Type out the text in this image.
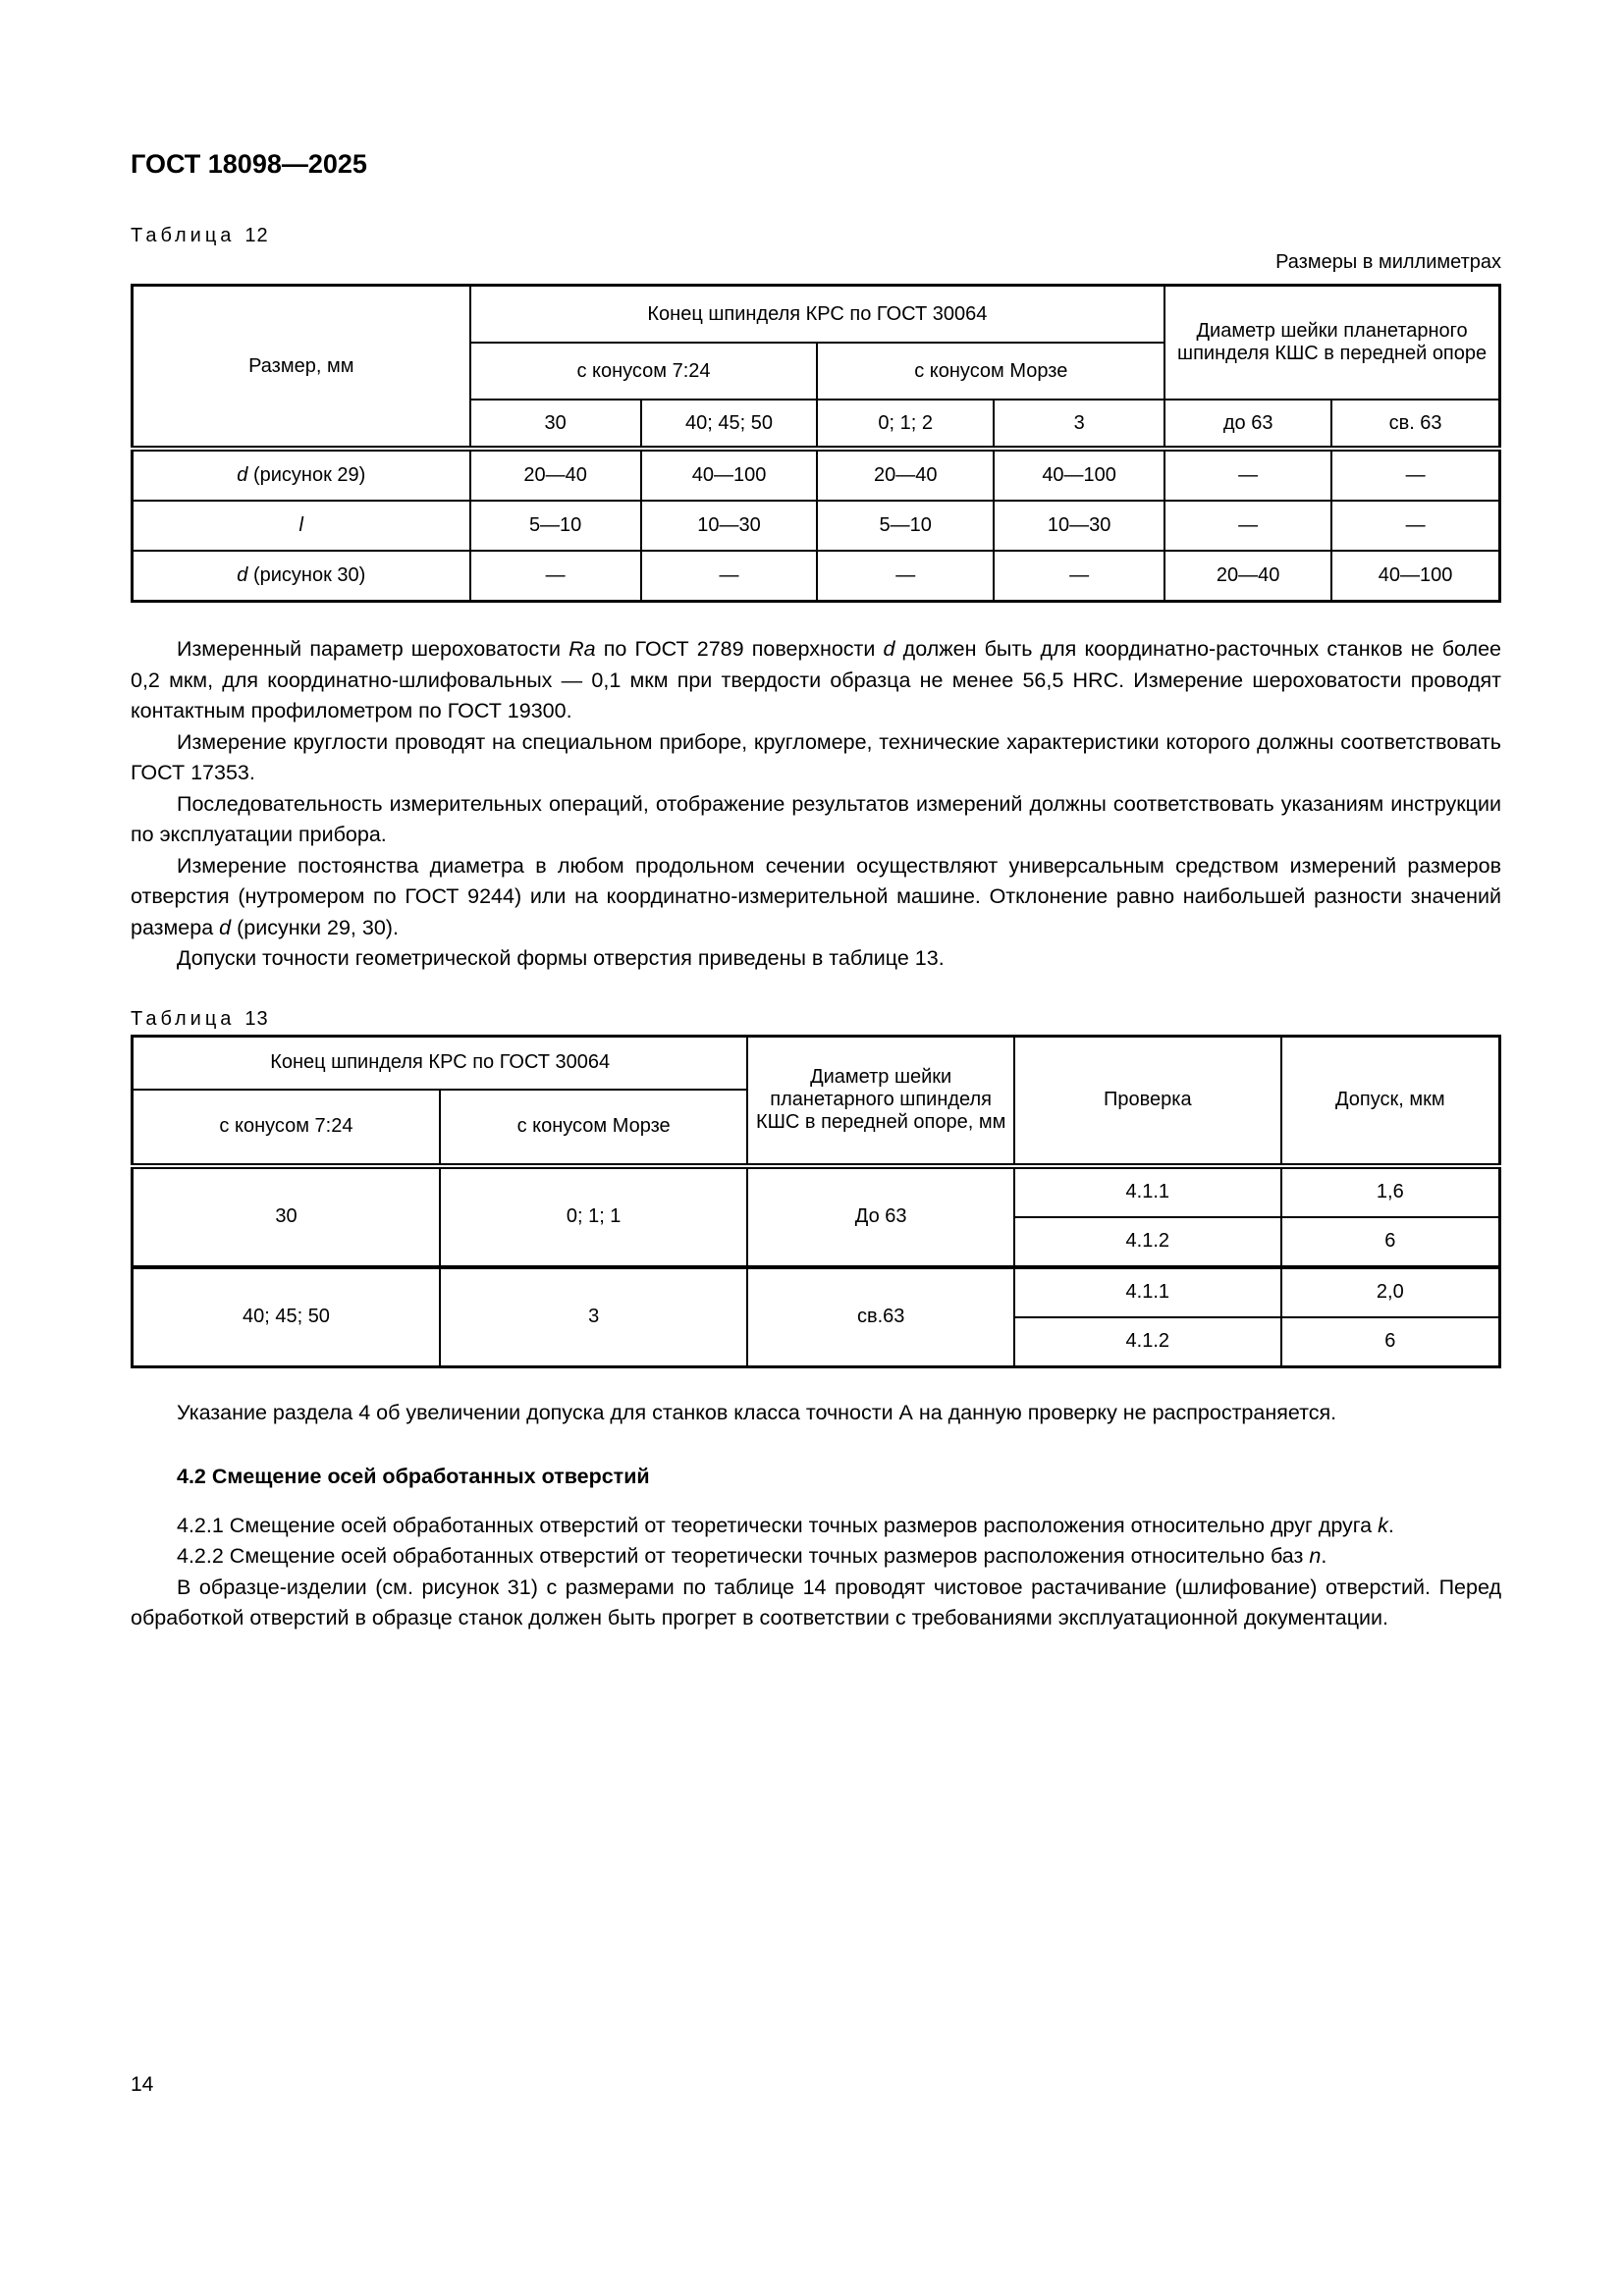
ГОСТ 18098—2025

Таблица 12

Размеры в миллиметрах

Размер, мм	Конец шпинделя КРС по ГОСТ 30064				Диаметр шейки планетарного шпинделя КШС в передней опоре	
	с конусом 7:24		с конусом Морзе			
	30	40; 45; 50	0; 1; 2	3	до 63	св. 63
d (рисунок 29)	20—40	40—100	20—40	40—100	—	—
l	5—10	10—30	5—10	10—30	—	—
d (рисунок 30)	—	—	—	—	20—40	40—100

Измеренный параметр шероховатости Ra по ГОСТ 2789 поверхности d должен быть для координатно-расточных станков не более 0,2 мкм, для координатно-шлифовальных — 0,1 мкм при твердости образца не менее 56,5 HRC. Измерение шероховатости проводят контактным профилометром по ГОСТ 19300.

Измерение круглости проводят на специальном приборе, кругломере, технические характеристики которого должны соответствовать ГОСТ 17353.

Последовательность измерительных операций, отображение результатов измерений должны соответствовать указаниям инструкции по эксплуатации прибора.

Измерение постоянства диаметра в любом продольном сечении осуществляют универсальным средством измерений размеров отверстия (нутромером по ГОСТ 9244) или на координатно-измерительной машине. Отклонение равно наибольшей разности значений размера d (рисунки 29, 30).

Допуски точности геометрической формы отверстия приведены в таблице 13.

Таблица 13

Конец шпинделя КРС по ГОСТ 30064		Диаметр шейки планетарного шпинделя КШС в передней опоре, мм	Проверка	Допуск, мкм
с конусом 7:24	с конусом Морзе			
30	0; 1; 1	До 63	4.1.1	1,6
			4.1.2	6
40; 45; 50	3	св.63	4.1.1	2,0
			4.1.2	6

Указание раздела 4 об увеличении допуска для станков класса точности А на данную проверку не распространяется.

4.2 Смещение осей обработанных отверстий

4.2.1 Смещение осей обработанных отверстий от теоретически точных размеров расположения относительно друг друга k.

4.2.2 Смещение осей обработанных отверстий от теоретически точных размеров расположения относительно баз n.

В образце-изделии (см. рисунок 31) с размерами по таблице 14 проводят чистовое растачивание (шлифование) отверстий. Перед обработкой отверстий в образце станок должен быть прогрет в соответствии с требованиями эксплуатационной документации.

14
